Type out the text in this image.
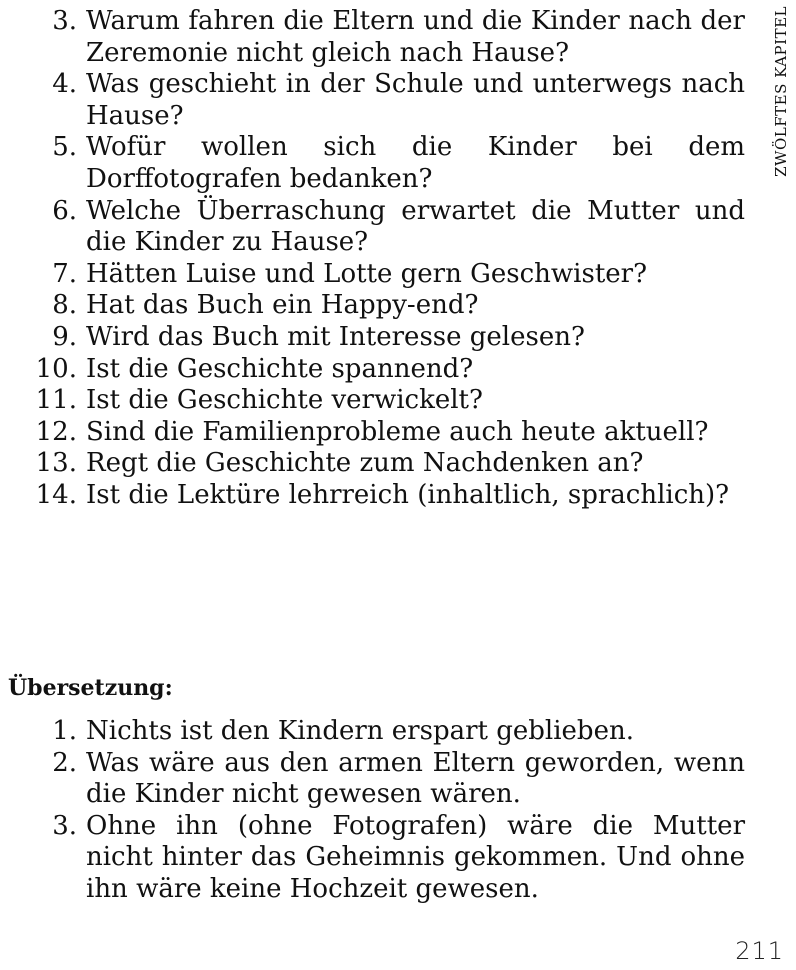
3. Warum fahren die Eltern und die Kinder nach der Zeremonie nicht gleich nach Hause?
4. Was geschieht in der Schule und unterwegs nach Hause?
5. Wofür wollen sich die Kinder bei dem Dorffotografen bedanken?
6. Welche Überraschung erwartet die Mutter und die Kinder zu Hause?
7. Hätten Luise und Lotte gern Geschwister?
8. Hat das Buch ein Happy-end?
9. Wird das Buch mit Interesse gelesen?
10. Ist die Geschichte spannend?
11. Ist die Geschichte verwickelt?
12. Sind die Familienprobleme auch heute aktuell?
13. Regt die Geschichte zum Nachdenken an?
14. Ist die Lektüre lehrreich (inhaltlich, sprachlich)?
Übersetzung:
1. Nichts ist den Kindern erspart geblieben.
2. Was wäre aus den armen Eltern geworden, wenn die Kinder nicht gewesen wären.
3. Ohne ihn (ohne Fotografen) wäre die Mutter nicht hinter das Geheimnis gekommen. Und ohne ihn wäre keine Hochzeit gewesen.
ZWÖLFTES KAPITEL
211
